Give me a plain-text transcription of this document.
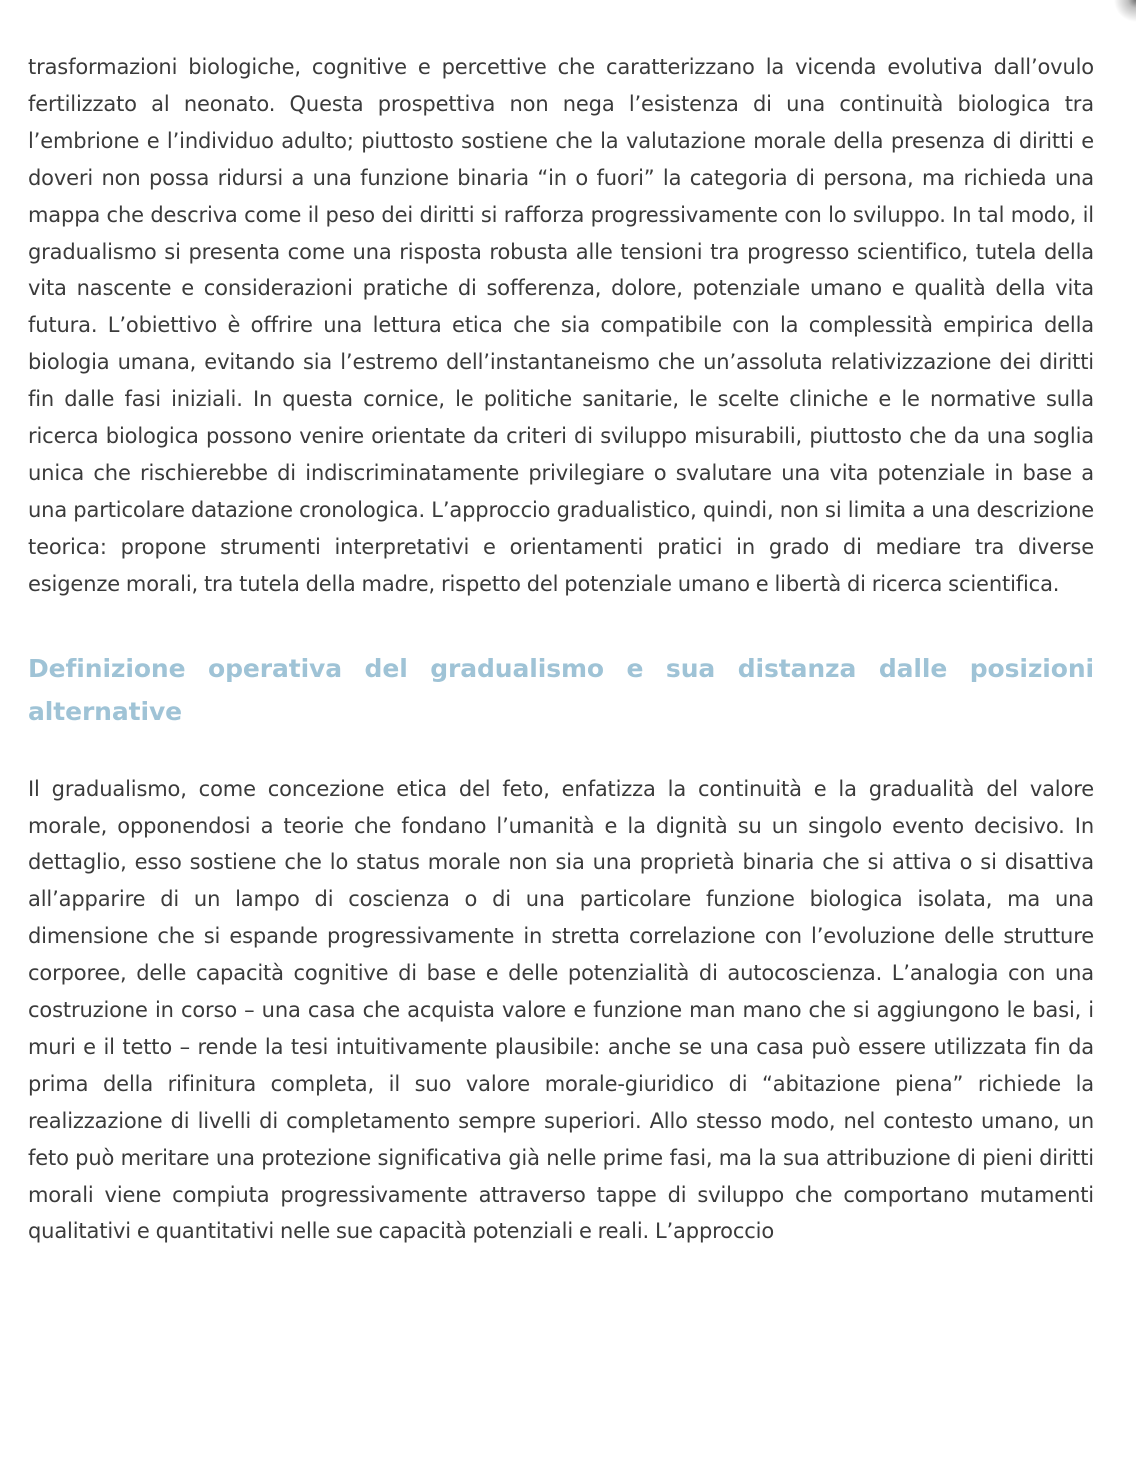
trasformazioni biologiche, cognitive e percettive che caratterizzano la vicenda evolutiva dall’ovulo fertilizzato al neonato. Questa prospettiva non nega l’esistenza di una continuità biologica tra l’embrione e l’individuo adulto; piuttosto sostiene che la valutazione morale della presenza di diritti e doveri non possa ridursi a una funzione binaria “in o fuori” la categoria di persona, ma richieda una mappa che descriva come il peso dei diritti si rafforza progressivamente con lo sviluppo. In tal modo, il gradualismo si presenta come una risposta robusta alle tensioni tra progresso scientifico, tutela della vita nascente e considerazioni pratiche di sofferenza, dolore, potenziale umano e qualità della vita futura. L’obiettivo è offrire una lettura etica che sia compatibile con la complessità empirica della biologia umana, evitando sia l’estremo dell’instantaneismo che un’assoluta relativizzazione dei diritti fin dalle fasi iniziali. In questa cornice, le politiche sanitarie, le scelte cliniche e le normative sulla ricerca biologica possono venire orientate da criteri di sviluppo misurabili, piuttosto che da una soglia unica che rischierebbe di indiscriminatamente privilegiare o svalutare una vita potenziale in base a una particolare datazione cronologica. L’approccio gradualistico, quindi, non si limita a una descrizione teorica: propone strumenti interpretativi e orientamenti pratici in grado di mediare tra diverse esigenze morali, tra tutela della madre, rispetto del potenziale umano e libertà di ricerca scientifica.

Definizione operativa del gradualismo e sua distanza dalle posizioni alternative

Il gradualismo, come concezione etica del feto, enfatizza la continuità e la gradualità del valore morale, opponendosi a teorie che fondano l’umanità e la dignità su un singolo evento decisivo. In dettaglio, esso sostiene che lo status morale non sia una proprietà binaria che si attiva o si disattiva all’apparire di un lampo di coscienza o di una particolare funzione biologica isolata, ma una dimensione che si espande progressivamente in stretta correlazione con l’evoluzione delle strutture corporee, delle capacità cognitive di base e delle potenzialità di autocoscienza. L’analogia con una costruzione in corso – una casa che acquista valore e funzione man mano che si aggiungono le basi, i muri e il tetto – rende la tesi intuitivamente plausibile: anche se una casa può essere utilizzata fin da prima della rifinitura completa, il suo valore morale-giuridico di “abitazione piena” richiede la realizzazione di livelli di completamento sempre superiori. Allo stesso modo, nel contesto umano, un feto può meritare una protezione significativa già nelle prime fasi, ma la sua attribuzione di pieni diritti morali viene compiuta progressivamente attraverso tappe di sviluppo che comportano mutamenti qualitativi e quantitativi nelle sue capacità potenziali e reali. L’approccio
